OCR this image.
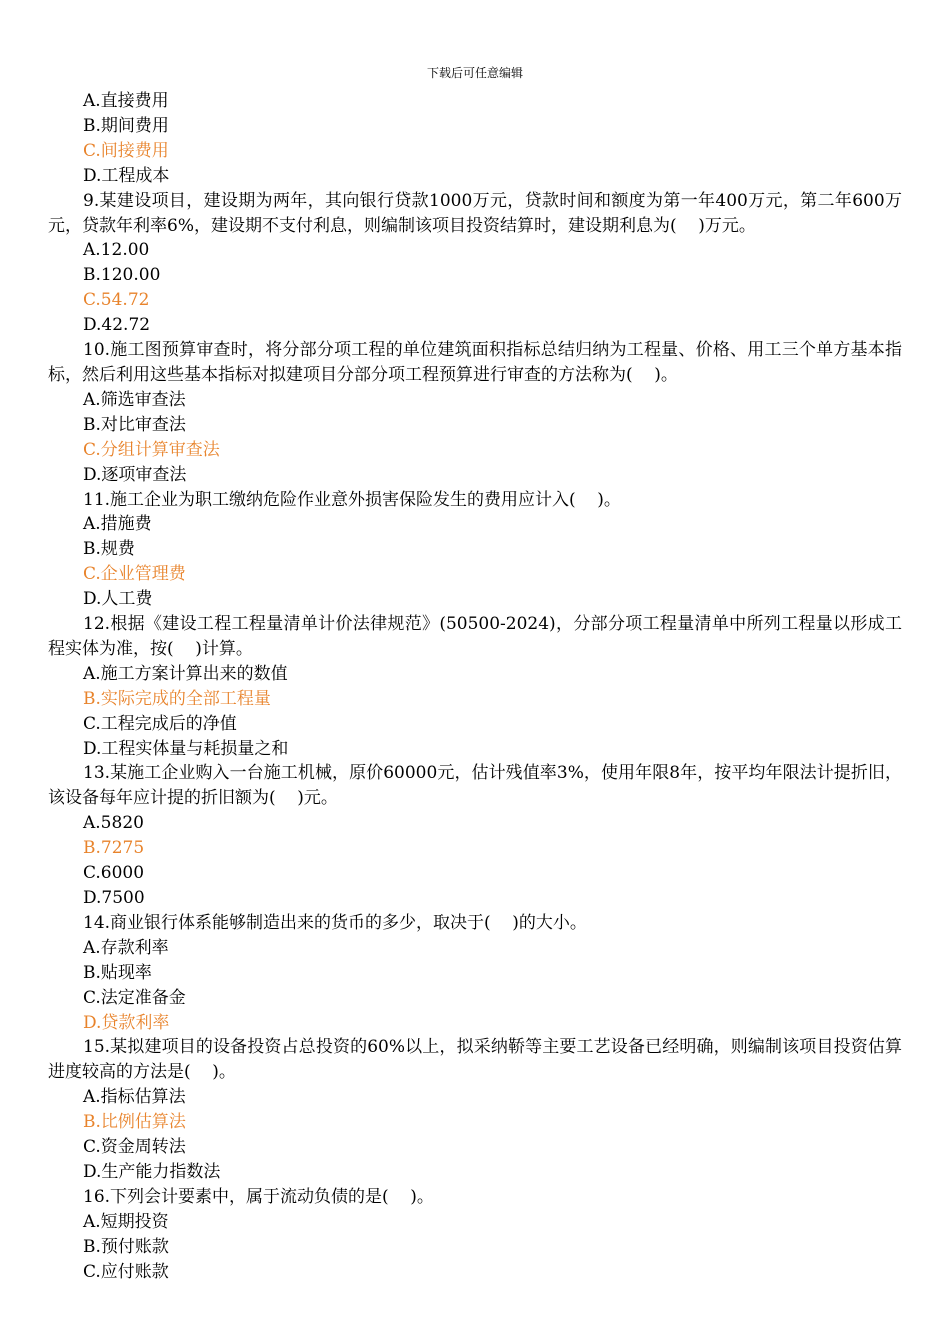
下载后可任意编辑
A.直接费用
B.期间费用
C.间接费用
D.工程成本
9.某建设项目，建设期为两年，其向银行贷款1000万元，贷款时间和额度为第一年400万元，第二年600万元，贷款年利率6%，建设期不支付利息，则编制该项目投资结算时，建设期利息为(    )万元。
A.12.00
B.120.00
C.54.72
D.42.72
10.施工图预算审查时，将分部分项工程的单位建筑面积指标总结归纳为工程量、价格、用工三个单方基本指标，然后利用这些基本指标对拟建项目分部分项工程预算进行审查的方法称为(    )。
A.筛选审查法
B.对比审查法
C.分组计算审查法
D.逐项审查法
11.施工企业为职工缴纳危险作业意外损害保险发生的费用应计入(    )。
A.措施费
B.规费
C.企业管理费
D.人工费
12.根据《建设工程工程量清单计价法律规范》(50500-2024)，分部分项工程量清单中所列工程量以形成工程实体为准，按(    )计算。
A.施工方案计算出来的数值
B.实际完成的全部工程量
C.工程完成后的净值
D.工程实体量与耗损量之和
13.某施工企业购入一台施工机械，原价60000元，估计残值率3%，使用年限8年，按平均年限法计提折旧，该设备每年应计提的折旧额为(    )元。
A.5820
B.7275
C.6000
D.7500
14.商业银行体系能够制造出来的货币的多少，取决于(    )的大小。
A.存款利率
B.贴现率
C.法定准备金
D.贷款利率
15.某拟建项目的设备投资占总投资的60%以上，拟采纳鞒等主要工艺设备已经明确，则编制该项目投资估算进度较高的方法是(    )。
A.指标估算法
B.比例估算法
C.资金周转法
D.生产能力指数法
16.下列会计要素中，属于流动负债的是(    )。
A.短期投资
B.预付账款
C.应付账款
